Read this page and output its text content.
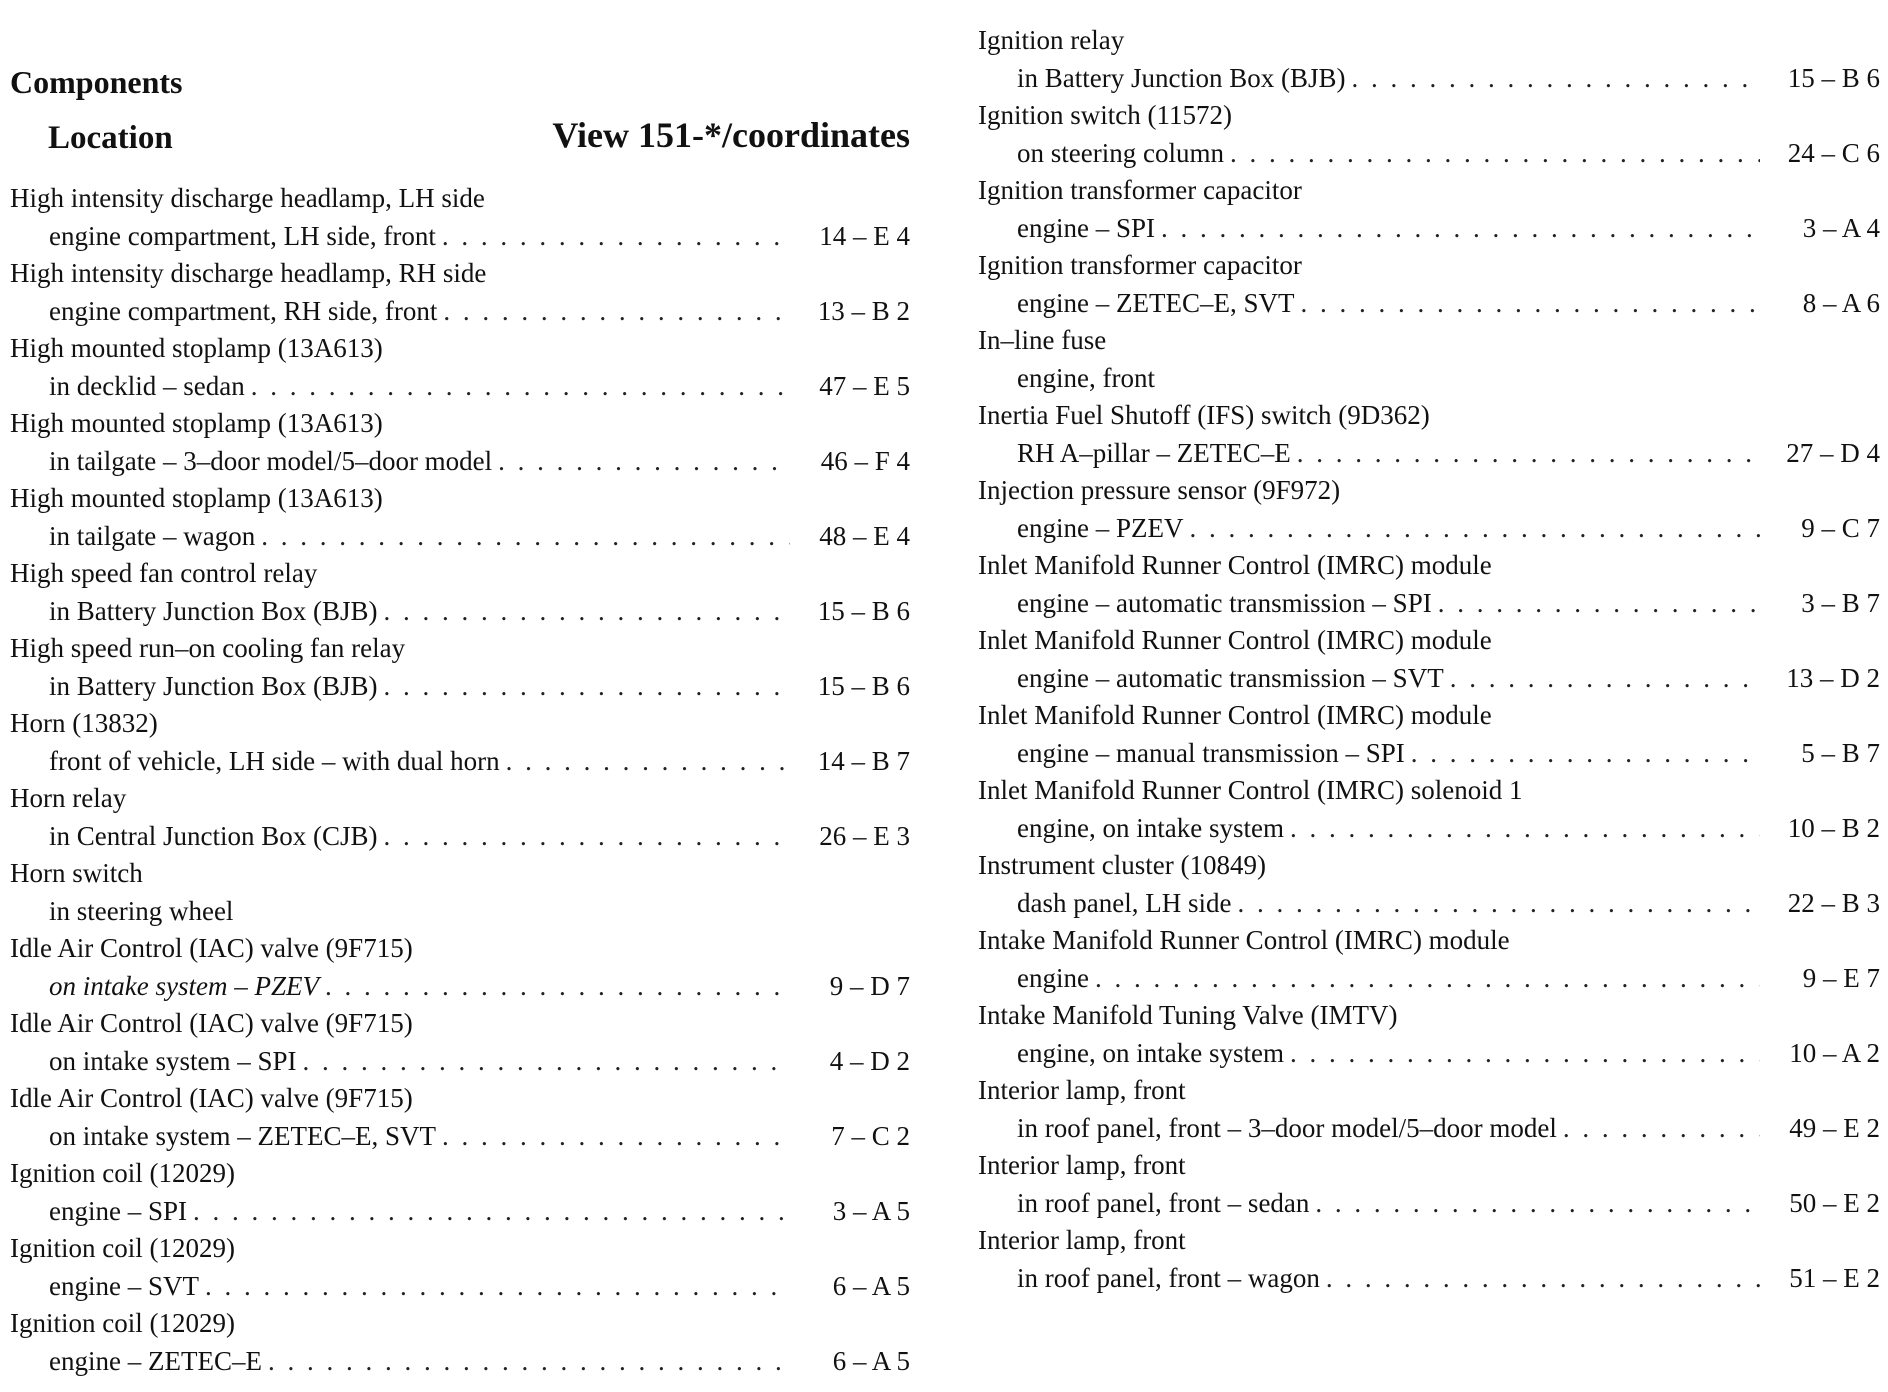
Components
Location	View 151-*/coordinates
High intensity discharge headlamp, LH side
engine compartment, LH side, front . . .	14 – E 4
High intensity discharge headlamp, RH side
engine compartment, RH side, front . . .	13 – B 2
High mounted stoplamp (13A613)
in decklid – sedan . . .	47 – E 5
High mounted stoplamp (13A613)
in tailgate – 3–door model/5–door model . . .	46 – F 4
High mounted stoplamp (13A613)
in tailgate – wagon . . .	48 – E 4
High speed fan control relay
in Battery Junction Box (BJB) . . .	15 – B 6
High speed run–on cooling fan relay
in Battery Junction Box (BJB) . . .	15 – B 6
Horn (13832)
front of vehicle, LH side – with dual horn . . .	14 – B 7
Horn relay
in Central Junction Box (CJB) . . .	26 – E 3
Horn switch
in steering wheel
Idle Air Control (IAC) valve (9F715)
on intake system – PZEV . . .	9 – D 7
Idle Air Control (IAC) valve (9F715)
on intake system – SPI . . .	4 – D 2
Idle Air Control (IAC) valve (9F715)
on intake system – ZETEC–E, SVT . . .	7 – C 2
Ignition coil (12029)
engine – SPI . . .	3 – A 5
Ignition coil (12029)
engine – SVT . . .	6 – A 5
Ignition coil (12029)
engine – ZETEC–E . . .	6 – A 5
Ignition relay
in Battery Junction Box (BJB) . . .	15 – B 6
Ignition switch (11572)
on steering column . . .	24 – C 6
Ignition transformer capacitor
engine – SPI . . .	3 – A 4
Ignition transformer capacitor
engine – ZETEC–E, SVT . . .	8 – A 6
In–line fuse
engine, front
Inertia Fuel Shutoff (IFS) switch (9D362)
RH A–pillar – ZETEC–E . . .	27 – D 4
Injection pressure sensor (9F972)
engine – PZEV . . .	9 – C 7
Inlet Manifold Runner Control (IMRC) module
engine – automatic transmission – SPI . . .	3 – B 7
Inlet Manifold Runner Control (IMRC) module
engine – automatic transmission – SVT . . .	13 – D 2
Inlet Manifold Runner Control (IMRC) module
engine – manual transmission – SPI . . .	5 – B 7
Inlet Manifold Runner Control (IMRC) solenoid 1
engine, on intake system . . .	10 – B 2
Instrument cluster (10849)
dash panel, LH side . . .	22 – B 3
Intake Manifold Runner Control (IMRC) module
engine . . .	9 – E 7
Intake Manifold Tuning Valve (IMTV)
engine, on intake system . . .	10 – A 2
Interior lamp, front
in roof panel, front – 3–door model/5–door model . . .	49 – E 2
Interior lamp, front
in roof panel, front – sedan . . .	50 – E 2
Interior lamp, front
in roof panel, front – wagon . . .	51 – E 2
